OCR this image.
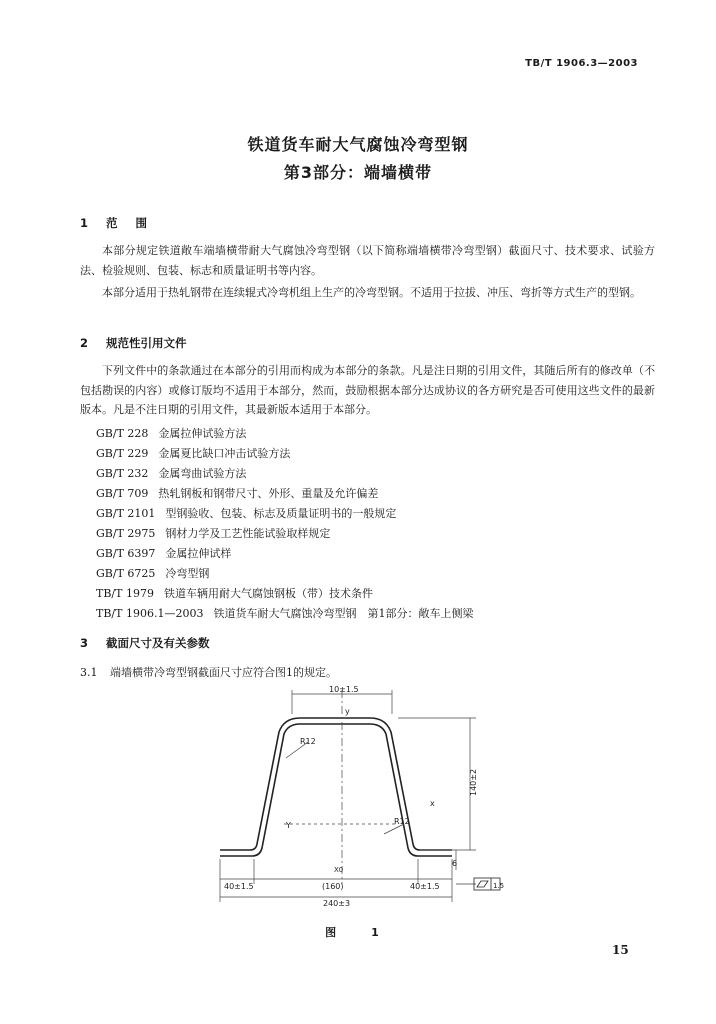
TB/T 1906.3—2003
铁道货车耐大气腐蚀冷弯型钢
第3部分：端墙横带
1 范围

本部分规定铁道敞车端墙横带耐大气腐蚀冷弯型钢（以下简称端墙横带冷弯型钢）截面尺寸、技术要求、试验方法、检验规则、包装、标志和质量证明书等内容。

本部分适用于热轧钢带在连续辊式冷弯机组上生产的冷弯型钢。不适用于拉拔、冲压、弯折等方式生产的型钢。

2 规范性引用文件

下列文件中的条款通过在本部分的引用而构成为本部分的条款。凡是注日期的引用文件，其随后所有的修改单（不包括勘误的内容）或修订版均不适用于本部分，然而，鼓励根据本部分达成协议的各方研究是否可使用这些文件的最新版本。凡是不注日期的引用文件，其最新版本适用于本部分。

GB/T 228 金属拉伸试验方法
GB/T 229 金属夏比缺口冲击试验方法
GB/T 232 金属弯曲试验方法
GB/T 709 热轧钢板和钢带尺寸、外形、重量及允许偏差
GB/T 2101 型钢验收、包装、标志及质量证明书的一般规定
GB/T 2975 钢材力学及工艺性能试验取样规定
GB/T 6397 金属拉伸试样
GB/T 6725 冷弯型钢
TB/T 1979 铁道车辆用耐大气腐蚀钢板（带）技术条件
TB/T 1906.1—2003 铁道货车耐大气腐蚀冷弯型钢　第1部分：敞车上侧梁
3 截面尺寸及有关参数
3.1 端墙横带冷弯型钢截面尺寸应符合图1的规定。
10±1.5
R12
R12
140±2
y
x
Y
X0
40±1.5	(160)	40±1.5
240±3
6
1.5
图　1
15
